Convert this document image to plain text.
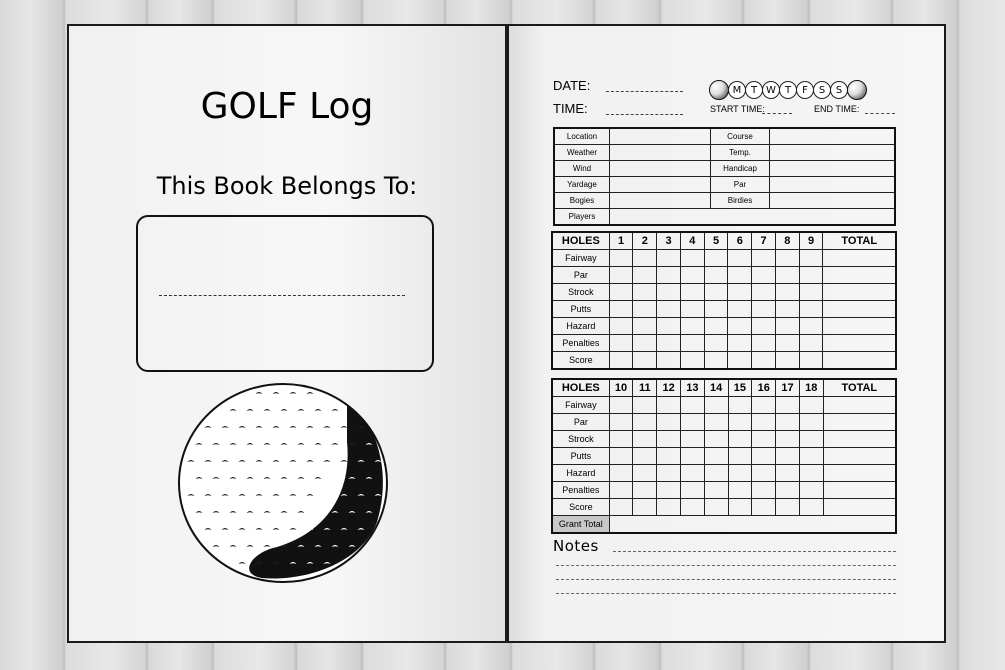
GOLF Log
This Book Belongs To:
DATE:
TIME:
M T W T	F	S	S
START TIME:	END TIME:
Location		Course	
Weather		Temp.	
Wind		Handicap	
Yardage		Par	
Bogies		Birdies	
Players			
HOLES	1	2	3	4	5	6	7	8	9	TOTAL
Fairway										
Par										
Strock										
Putts										
Hazard										
Penalties										
Score										
HOLES	10	11	12	13	14	15	16	17	18	TOTAL
Fairway										
Par										
Strock										
Putts										
Hazard										
Penalties										
Score										
Grant Total										
Notes
